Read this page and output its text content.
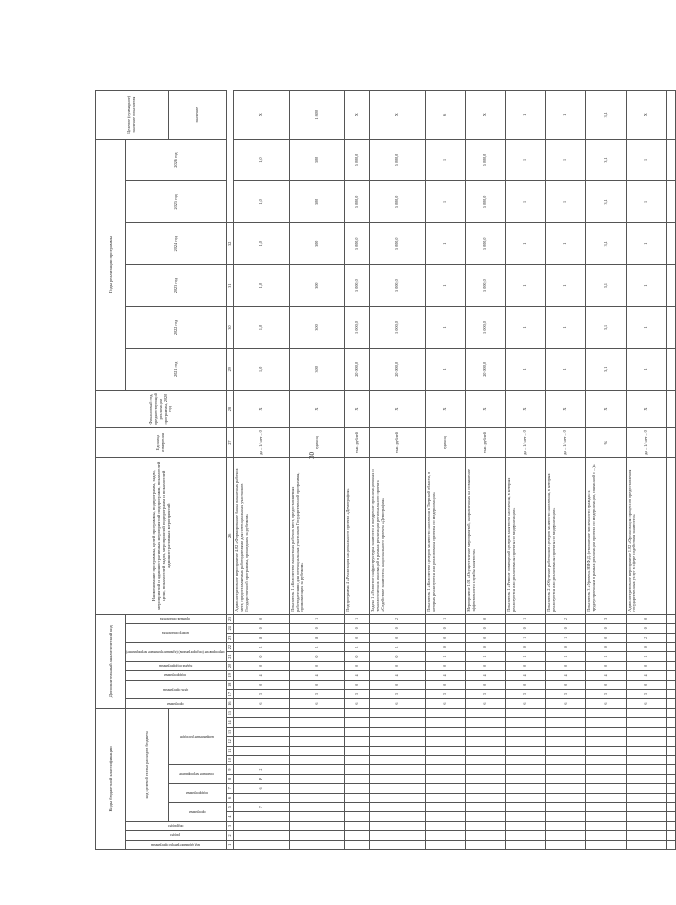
30
Коды бюджетной классификации															Дополнительный аналитический код										Наименование программы, целей программы, подпрограмм, задач, мероприятий и административных мероприятий подпрограмм, показателей цели, показателей задач, мероприятий подпрограмм и показателей административных мероприятий	Единица измерения	Финансовый год, предшествующий реализации программы, 2020 год	Годы реализации программы						Целевое (суммарное) значение показателя
код администратора программы	раздел	подраздел	код целевой статьи расходов бюджета												программа	цель программы		подпрограмма	задача подпрограммы	мероприятие (подпрограммы) (административное мероприятие)		номер показателя		признак показателя				2021 год	2022 год	2023 год	2024 год	2025 год	2026 год	
			программа		подпрограмма		основное мероприятие		направление расходов																									значение
1	2	3	4	5	6	7	8	9	10	11	12	13	14	15	16	17	18	19	20	21	22	23	24	25	26	27	28	29	30	31	32			
				7		6	Р	2							6	3	0	4	0	0	1	8	0	0	Административное мероприятие 4.02 «Формирование банка вакантных рабочих мест, предоставляемых работодателями для потенциальных участников Государственной программы, прошедших за рубежом»	да – 1/ нет – 0	Х	1,0	1,0	1,0	1,0	1,0	1,0	Х
															6	3	0	4	0	0	1	8	0	1	Показатель 1 «Количество вакантных рабочих мест, предоставляемых работодателями для потенциальных участников Государственной программы, проживающих за рубежом»	единиц	Х	300	300	300	300	300	300	1 800
															6	3	0	4	0	0	1	0	0	1	Подпрограмма 4 «Реализация национального проекта «Демография»	тыс. рублей	Х	20 000,0	5 000,0	5 000,0	5 000,0	5 000,0	5 000,0	Х
															6	3	0	4	0	0	1	0	0	2	Задача 1 «Развитие инфраструктуры занятости и внедрение организационных и технологических инноваций в рамках реализации регионального проекта «Содействие занятости» национального проекта «Демография»	тыс. рублей	Х	20 000,0	5 000,0	5 000,0	5 000,0	5 000,0	5 000,0	Х
															6	3	0	4	0	1	0	0	0	1	Показатель 1 «Количество центров занятости населения в Тверской области, в которых реализуются или реализованы проекты по модернизации»	единиц	Х	1	1	1	1	1	1	6
															6	3	0	4	0	1	0	0	0	0	Мероприятие 1.01 «Осуществление мероприятий, направленных на повышение эффективности службы занятости»	тыс. рублей	Х	20 000,0	5 000,0	5 000,0	5 000,0	5 000,0	5 000,0	Х
															6	3	0	4	0	1	0	1	0	1	Показатель 1 «Ремонт помещений центров занятости населения, в которых реализуются или реализованы проекты по модернизации»	да – 1/ нет – 0	Х	1	1	1	1	1	1	1
															6	3	0	4	0	1	0	1	0	2	Показатель 2 «Обучение работников центров занятости населения, в которых реализуются или реализованы проекты по модернизации»	да – 1/ нет – 0	Х	1	1	1	1	1	1	1
															6	3	0	4	0	1	0	0	0	3	Показатель 3 «Уровень НИФ.Д. (отношение численности граждан к трудоустроенным в рамках реализации проекта по модернизации, связанной с ...)»	%	Х	3,1	3,1	3,1	3,1	3,1	3,1	3,1
															6	3	0	4	0	1	0	2	0	0	Административное мероприятие 1.02 «Организация процессов предоставления государственных услуг в сфере содействия занятости»	да – 1/ нет – 0	Х	1	1	1	1	1	1	Х
